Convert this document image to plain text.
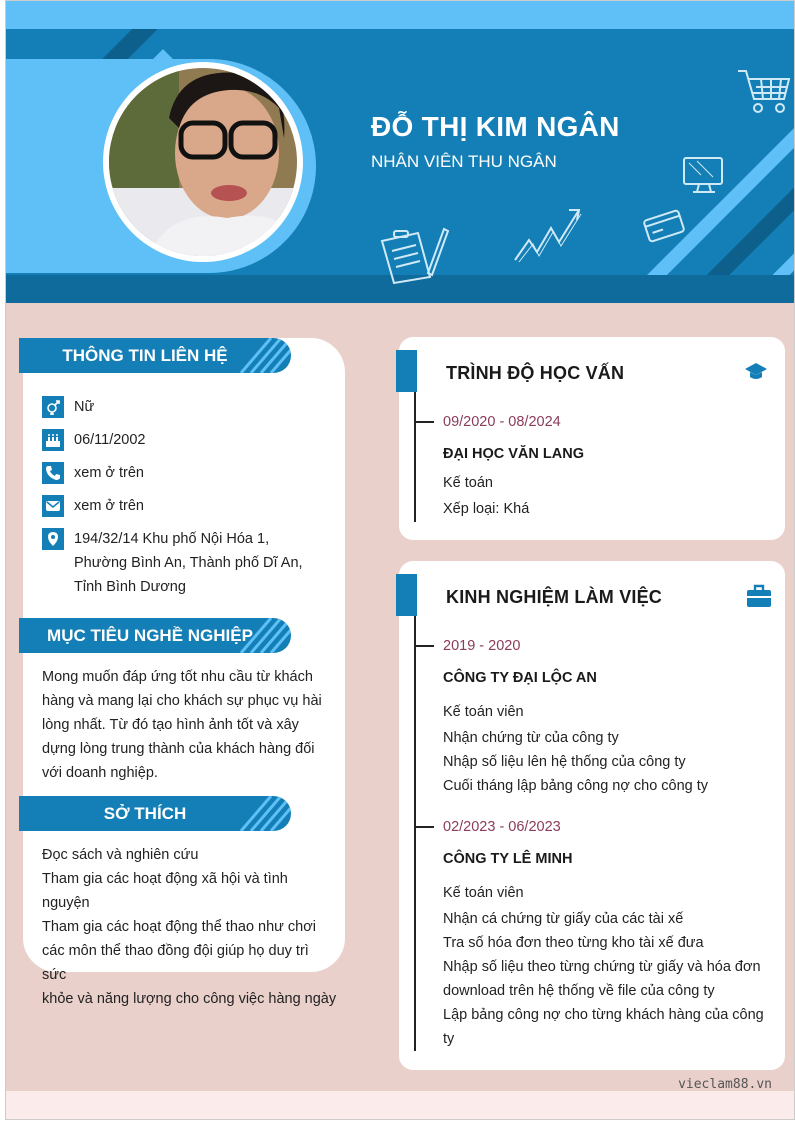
ĐỖ THỊ KIM NGÂN
NHÂN VIÊN THU NGÂN
THÔNG TIN LIÊN HỆ
Nữ
06/11/2002
xem ở trên
xem ở trên
194/32/14 Khu phố Nội Hóa 1, Phường Bình An, Thành phố Dĩ An, Tỉnh Bình Dương
MỤC TIÊU NGHỀ NGHIỆP
Mong muốn đáp ứng tốt nhu cầu từ khách hàng và mang lại cho khách sự phục vụ hài lòng nhất. Từ đó tạo hình ảnh tốt và xây dựng lòng trung thành của khách hàng đối với doanh nghiệp.
SỞ THÍCH
Đọc sách và nghiên cứu
Tham gia các hoạt động xã hội và tình nguyện
Tham gia các hoạt động thể thao như chơi
các môn thể thao đồng đội giúp họ duy trì sức
khỏe và năng lượng cho công việc hàng ngày
TRÌNH ĐỘ HỌC VẤN
09/2020 - 08/2024
ĐẠI HỌC VĂN LANG
Kế toán
Xếp loại: Khá
KINH NGHIỆM LÀM VIỆC
2019 - 2020
CÔNG TY ĐẠI LỘC AN
Kế toán viên
Nhận chứng từ của công ty
Nhập số liệu lên hệ thống của công ty
Cuối tháng lập bảng công nợ cho công ty
02/2023 - 06/2023
CÔNG TY LÊ MINH
Kế toán viên
Nhận cá chứng từ giấy của các tài xế
Tra số hóa đơn theo từng kho tài xế đưa
Nhập số liệu theo từng chứng từ giấy và hóa đơn
download trên hệ thống về file của công ty
Lập bảng công nợ cho từng khách hàng của công ty
vieclam88.vn
